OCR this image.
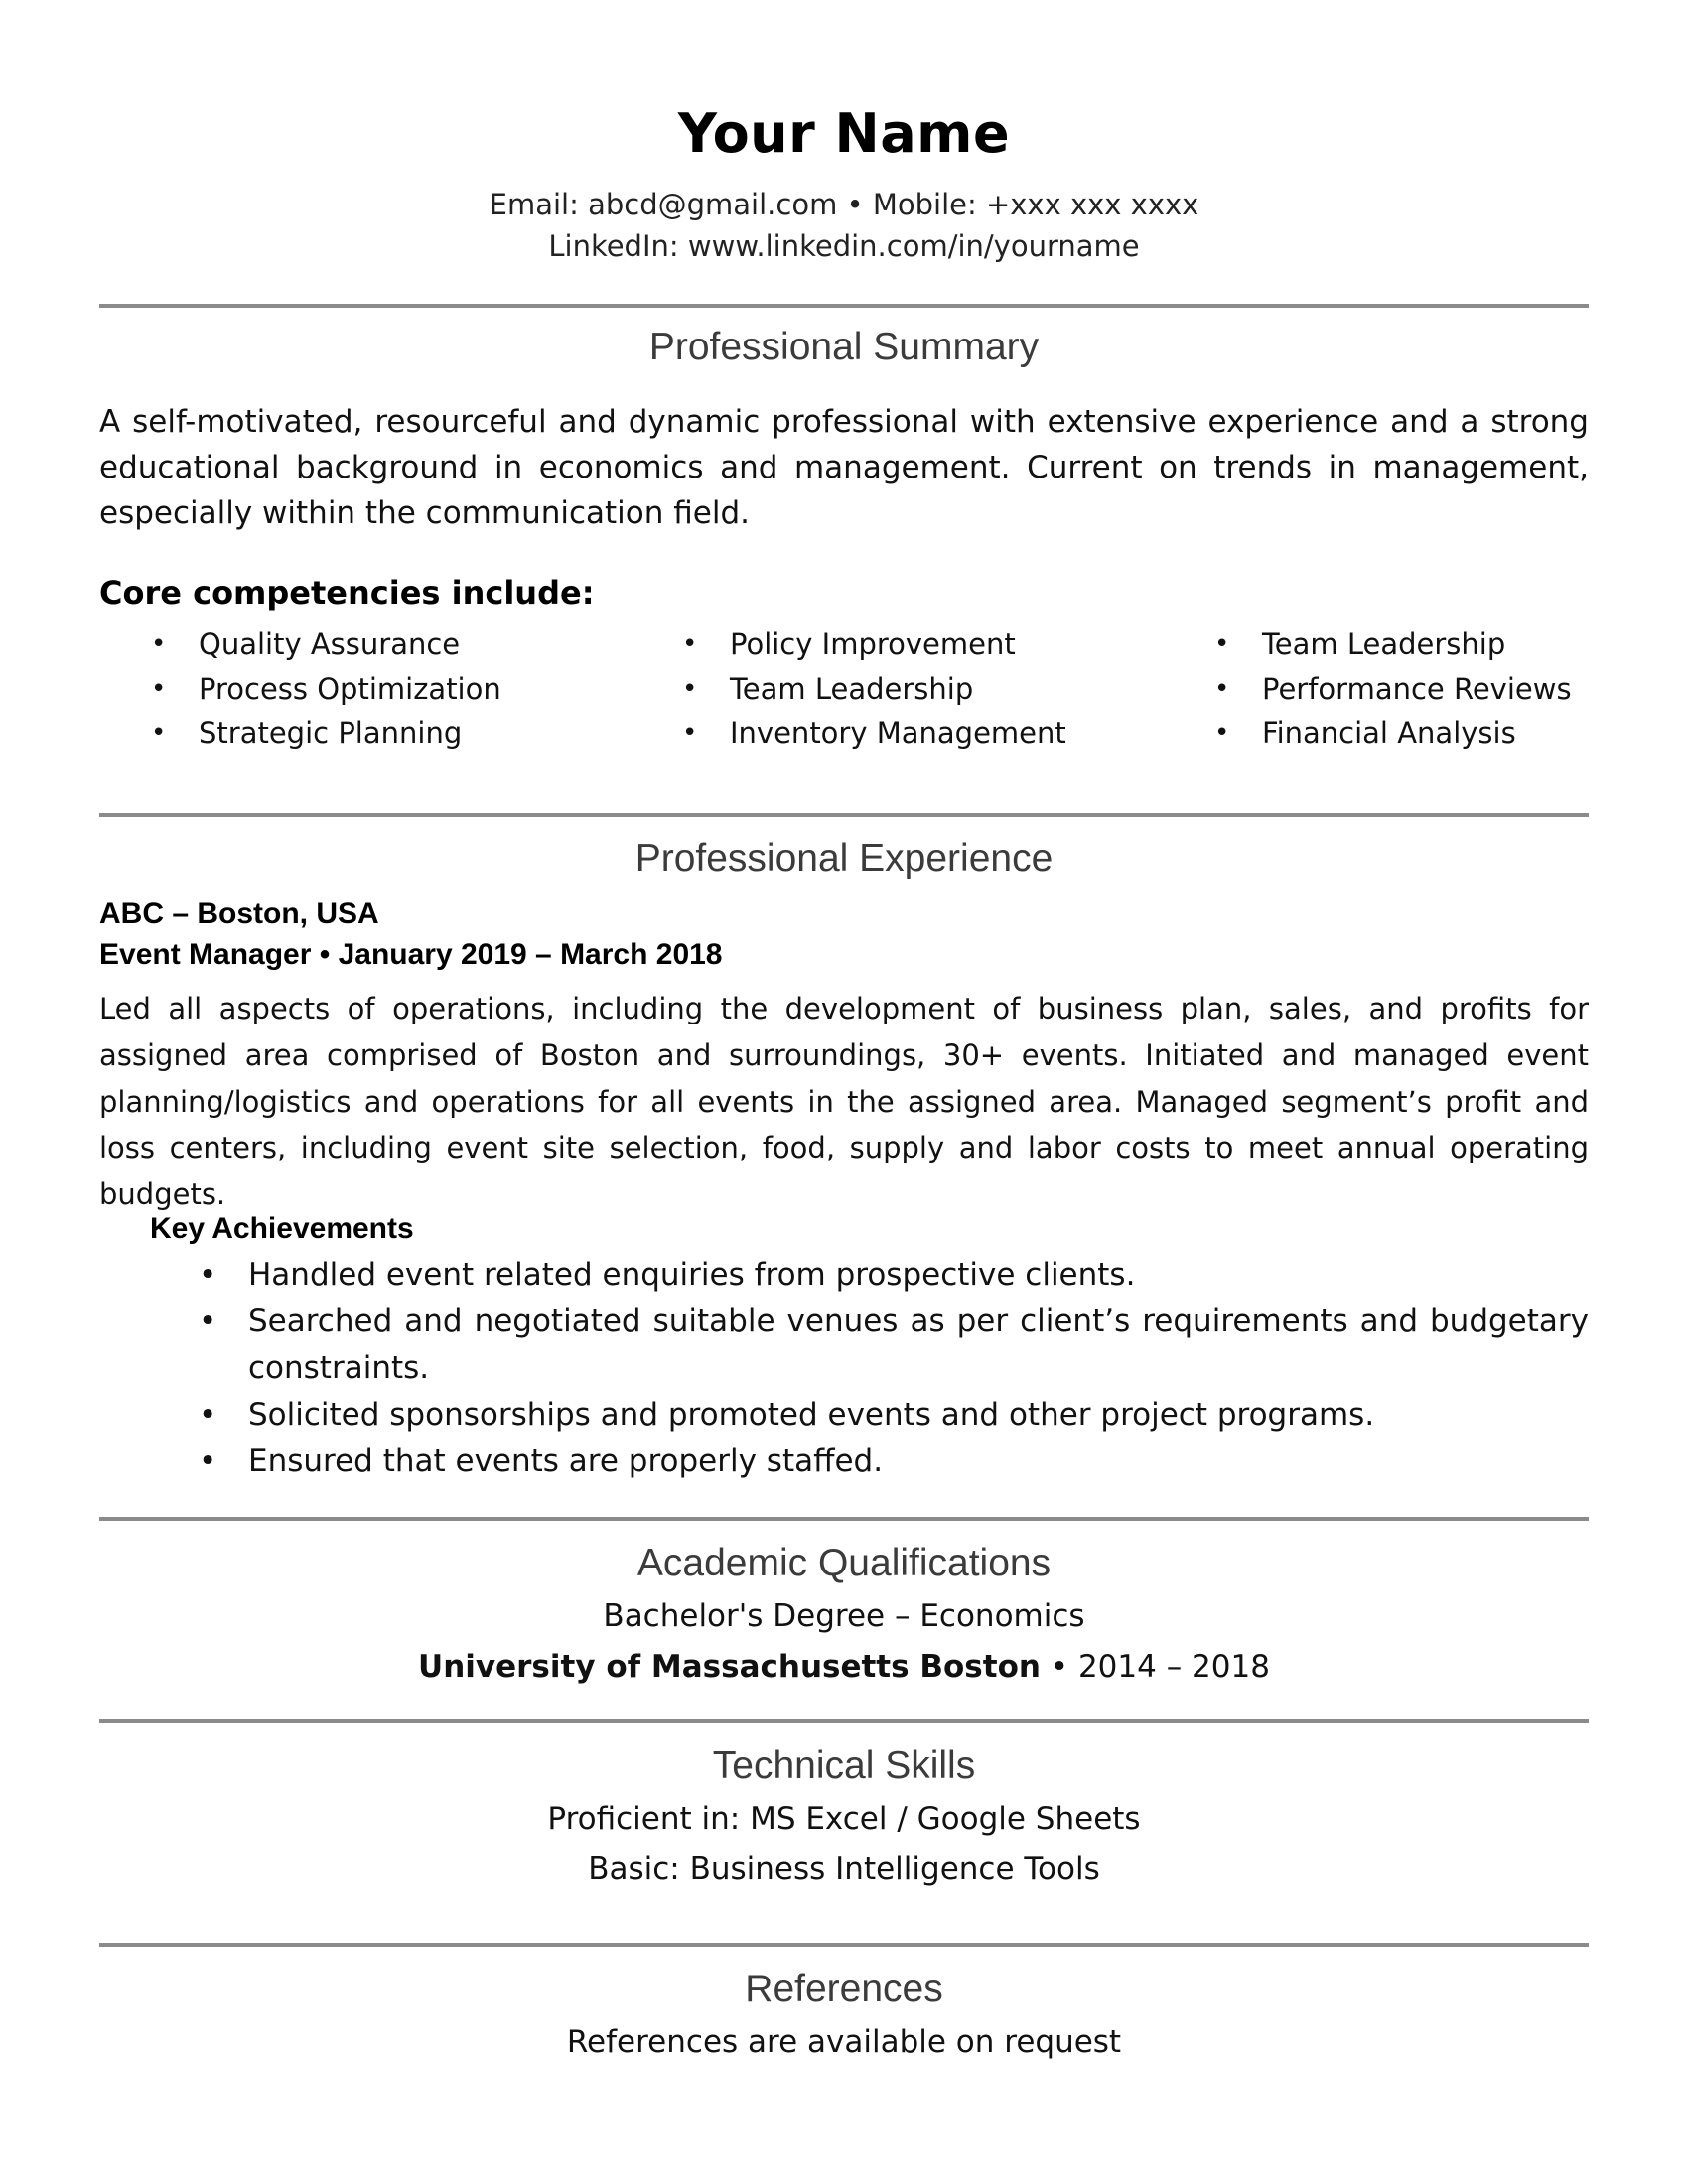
Your Name
Email: abcd@gmail.com • Mobile: +xxx xxx xxxx
LinkedIn: www.linkedin.com/in/yourname
Professional Summary
A self-motivated, resourceful and dynamic professional with extensive experience and a strong educational background in economics and management. Current on trends in management, especially within the communication field.
Core competencies include:
• Quality Assurance
• Process Optimization
• Strategic Planning
• Policy Improvement
• Team Leadership
• Inventory Management
• Team Leadership
• Performance Reviews
• Financial Analysis
Professional Experience
ABC – Boston, USA
Event Manager • January 2019 – March 2018
Led all aspects of operations, including the development of business plan, sales, and profits for assigned area comprised of Boston and surroundings, 30+ events. Initiated and managed event planning/logistics and operations for all events in the assigned area. Managed segment’s profit and loss centers, including event site selection, food, supply and labor costs to meet annual operating budgets.
Key Achievements
• Handled event related enquiries from prospective clients.
• Searched and negotiated suitable venues as per client’s requirements and budgetary constraints.
• Solicited sponsorships and promoted events and other project programs.
• Ensured that events are properly staffed.
Academic Qualifications
Bachelor's Degree – Economics
University of Massachusetts Boston • 2014 – 2018
Technical Skills
Proficient in: MS Excel / Google Sheets
Basic: Business Intelligence Tools
References
References are available on request
